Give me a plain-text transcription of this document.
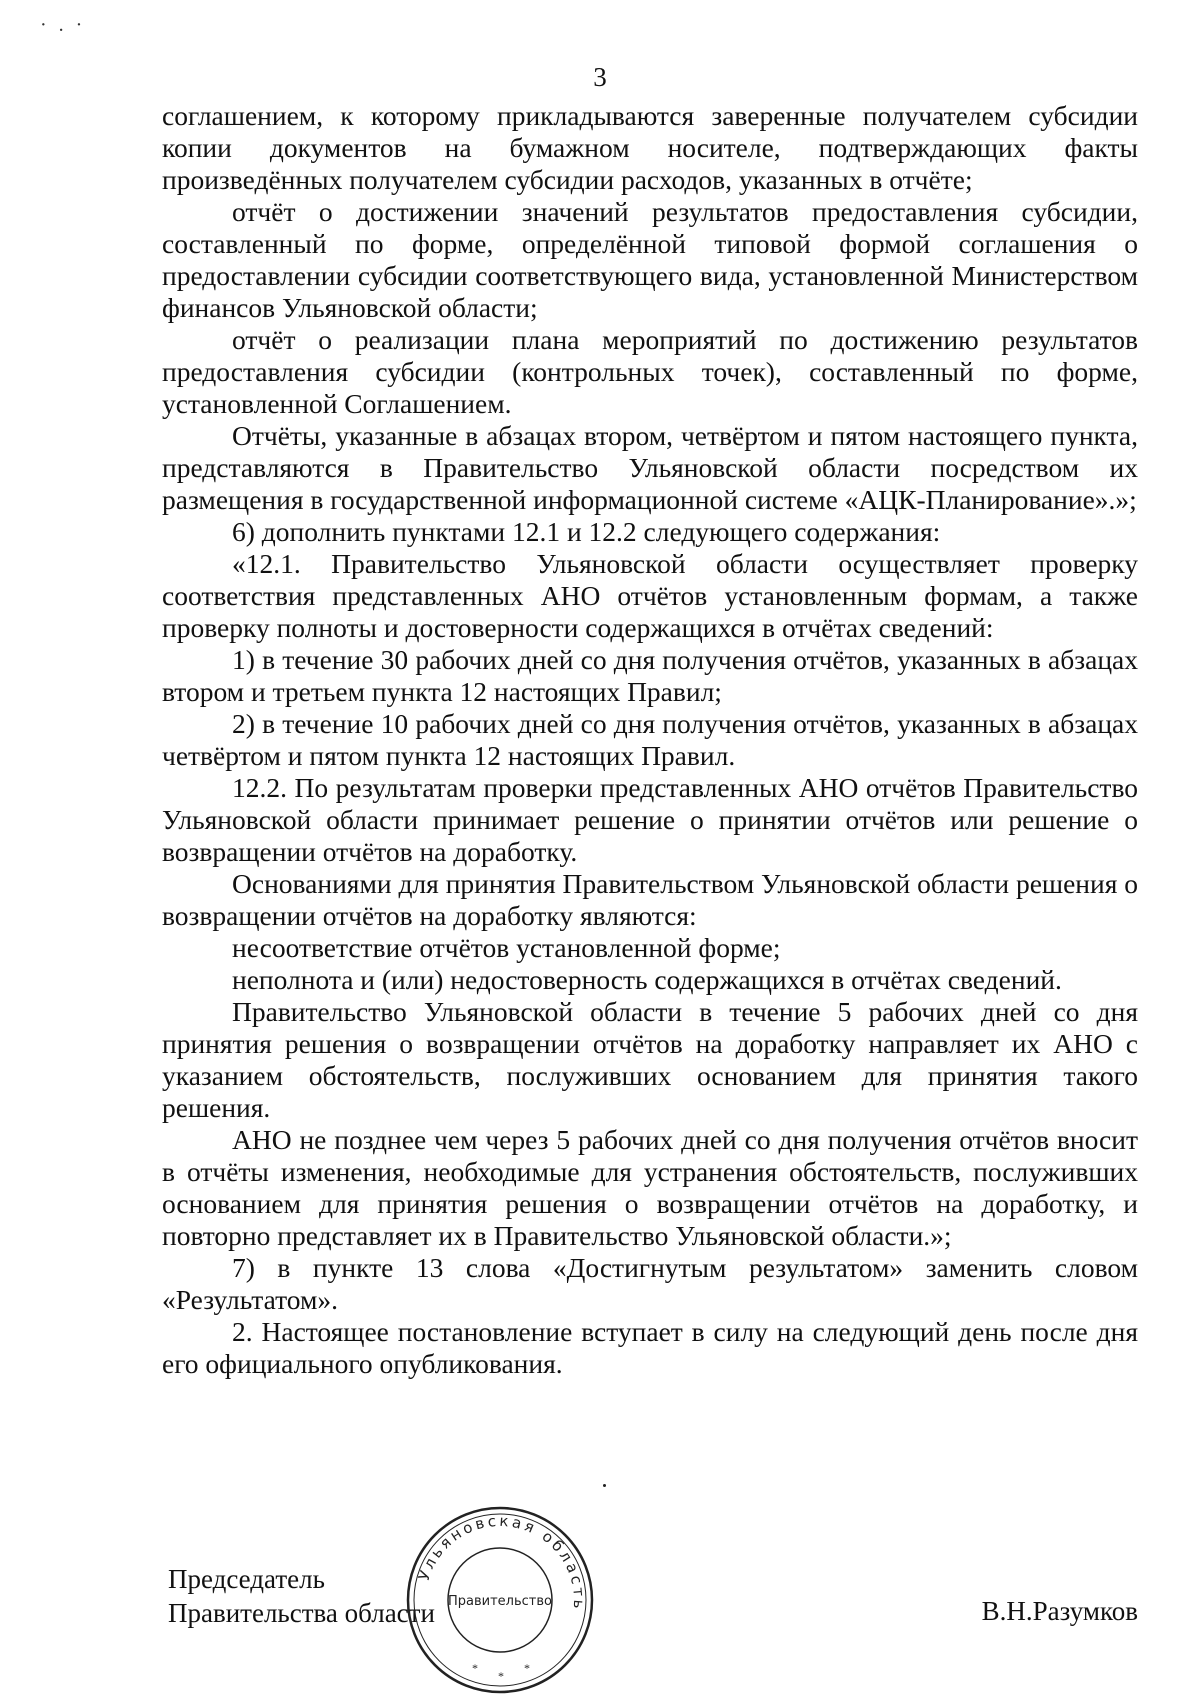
·.·
3

соглашением, к которому прикладываются заверенные получателем субсидии копии документов на бумажном носителе, подтверждающих факты произведённых получателем субсидии расходов, указанных в отчёте;

отчёт о достижении значений результатов предоставления субсидии, составленный по форме, определённой типовой формой соглашения о предоставлении субсидии соответствующего вида, установленной Министерством финансов Ульяновской области;

отчёт о реализации плана мероприятий по достижению результатов предоставления субсидии (контрольных точек), составленный по форме, установленной Соглашением.

Отчёты, указанные в абзацах втором, четвёртом и пятом настоящего пункта, представляются в Правительство Ульяновской области посредством их размещения в государственной информационной системе «АЦК-Планирование».»;

6) дополнить пунктами 12.1 и 12.2 следующего содержания:

«12.1. Правительство Ульяновской области осуществляет проверку соответствия представленных АНО отчётов установленным формам, а также проверку полноты и достоверности содержащихся в отчётах сведений:

1) в течение 30 рабочих дней со дня получения отчётов, указанных в абзацах втором и третьем пункта 12 настоящих Правил;

2) в течение 10 рабочих дней со дня получения отчётов, указанных в абзацах четвёртом и пятом пункта 12 настоящих Правил.

12.2. По результатам проверки представленных АНО отчётов Правительство Ульяновской области принимает решение о принятии отчётов или решение о возвращении отчётов на доработку.

Основаниями для принятия Правительством Ульяновской области решения о возвращении отчётов на доработку являются:

несоответствие отчётов установленной форме;

неполнота и (или) недостоверность содержащихся в отчётах сведений.

Правительство Ульяновской области в течение 5 рабочих дней со дня принятия решения о возвращении отчётов на доработку направляет их АНО с указанием обстоятельств, послуживших основанием для принятия такого решения.

АНО не позднее чем через 5 рабочих дней со дня получения отчётов вносит в отчёты изменения, необходимые для устранения обстоятельств, послуживших основанием для принятия решения о возвращении отчётов на доработку, и повторно представляет их в Правительство Ульяновской области.»;

7) в пункте 13 слова «Достигнутым результатом» заменить словом «Результатом».

2. Настоящее постановление вступает в силу на следующий день после дня его официального опубликования.

Председатель

Правительства области

Ульяновская область
Правительство
*
*
*
В.Н.Разумков
